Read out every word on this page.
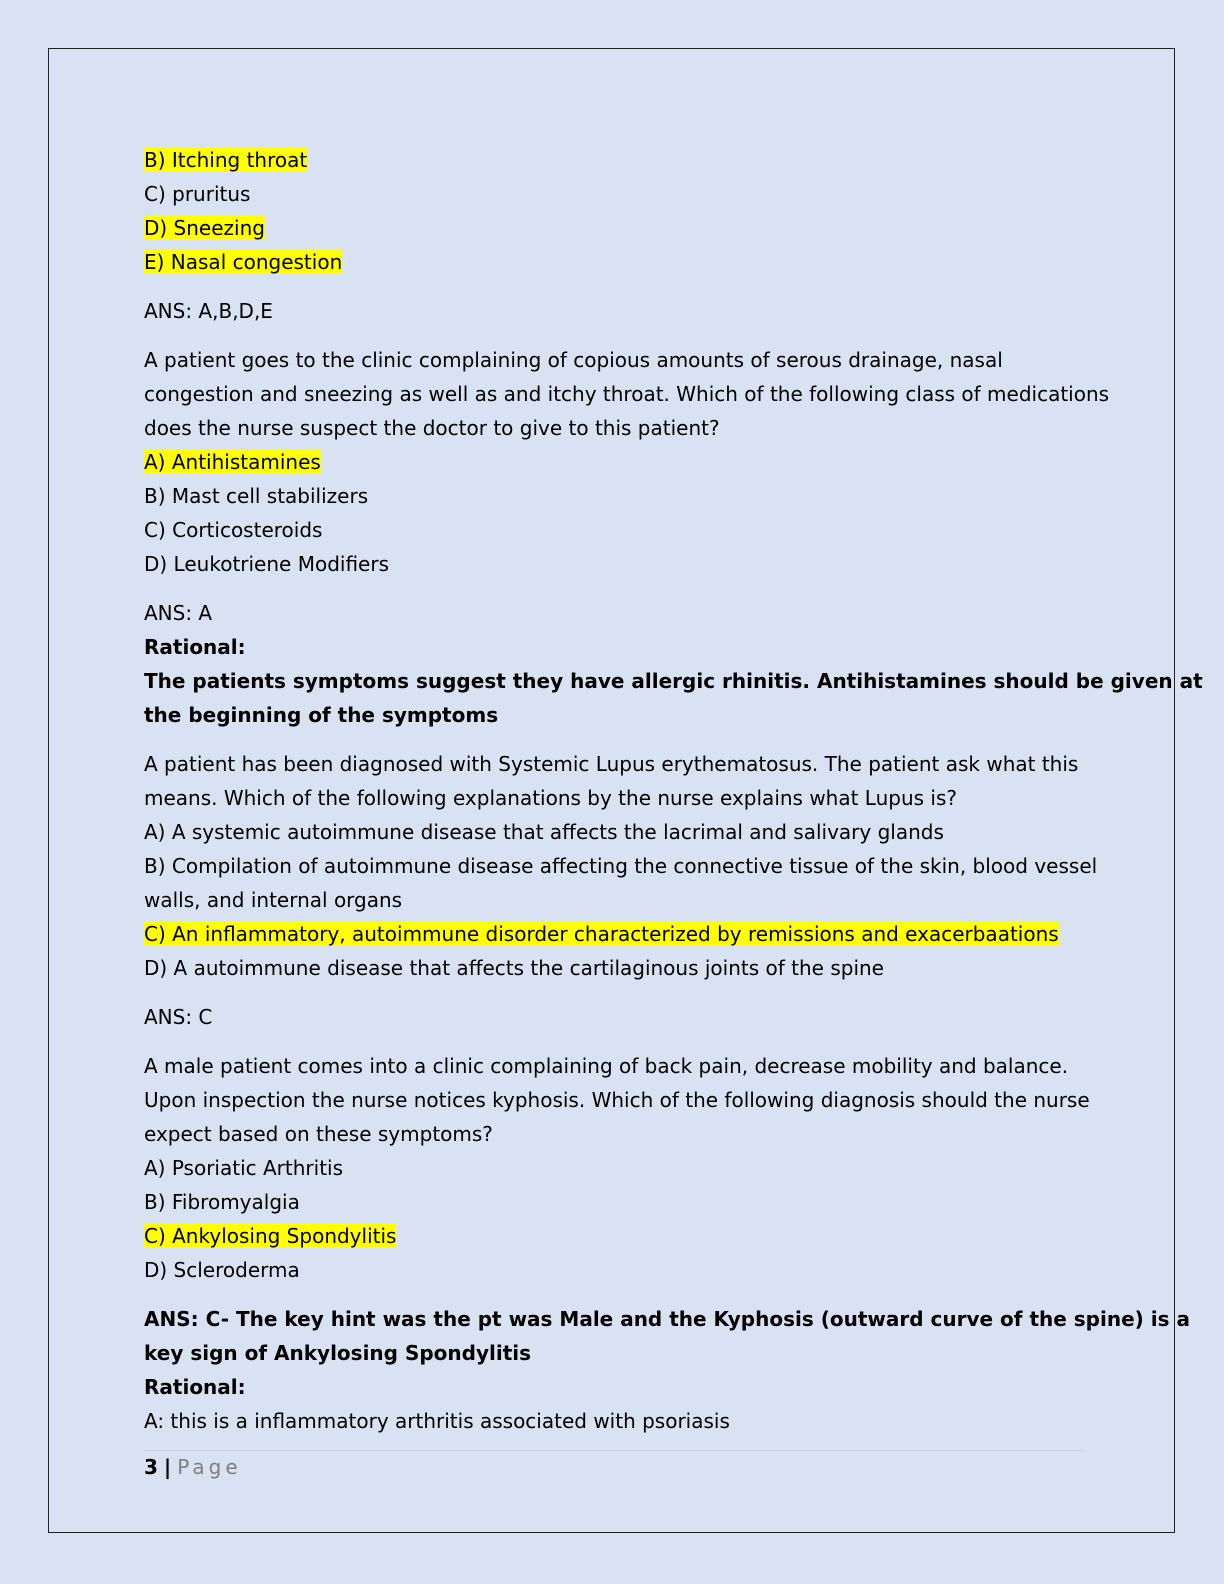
B) Itching throat
C) pruritus
D) Sneezing
E) Nasal congestion
ANS: A,B,D,E
A patient goes to the clinic complaining of copious amounts of serous drainage, nasal
congestion and sneezing as well as and itchy throat. Which of the following class of medications
does the nurse suspect the doctor to give to this patient?
A) Antihistamines
B) Mast cell stabilizers
C) Corticosteroids
D) Leukotriene Modifiers
ANS: A
Rational:
The patients symptoms suggest they have allergic rhinitis. Antihistamines should be given at
the beginning of the symptoms
A patient has been diagnosed with Systemic Lupus erythematosus. The patient ask what this
means. Which of the following explanations by the nurse explains what Lupus is?
A) A systemic autoimmune disease that affects the lacrimal and salivary glands
B) Compilation of autoimmune disease affecting the connective tissue of the skin, blood vessel
walls, and internal organs
C) An inflammatory, autoimmune disorder characterized by remissions and exacerbaations
D) A autoimmune disease that affects the cartilaginous joints of the spine
ANS: C
A male patient comes into a clinic complaining of back pain, decrease mobility and balance.
Upon inspection the nurse notices kyphosis. Which of the following diagnosis should the nurse
expect based on these symptoms?
A) Psoriatic Arthritis
B) Fibromyalgia
C) Ankylosing Spondylitis
D) Scleroderma
ANS: C- The key hint was the pt was Male and the Kyphosis (outward curve of the spine) is a
key sign of Ankylosing Spondylitis
Rational:
A: this is a inflammatory arthritis associated with psoriasis
3 | Page
